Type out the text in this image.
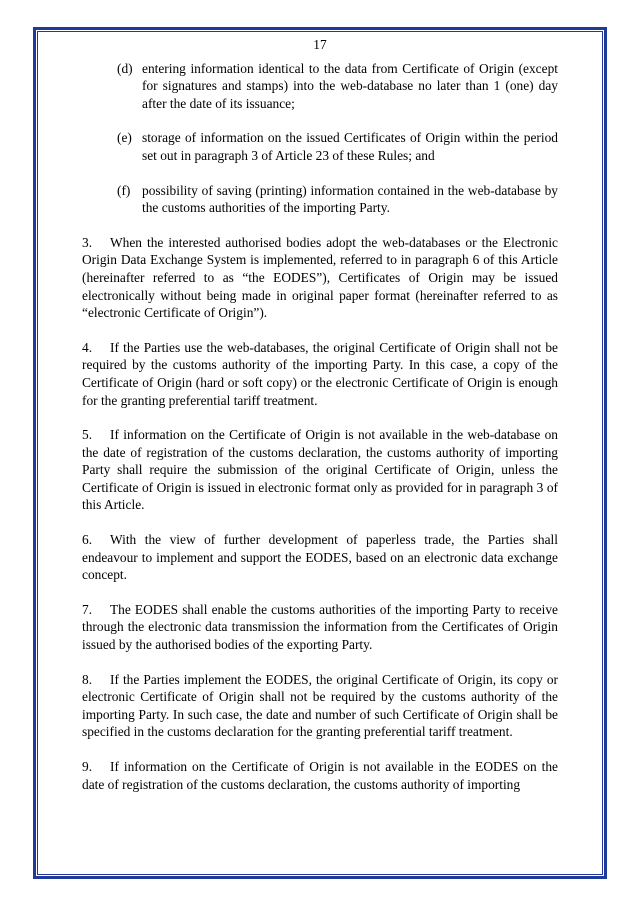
17
(d) entering information identical to the data from Certificate of Origin (except for signatures and stamps) into the web-database no later than 1 (one) day after the date of its issuance;
(e) storage of information on the issued Certificates of Origin within the period set out in paragraph 3 of Article 23 of these Rules; and
(f) possibility of saving (printing) information contained in the web-database by the customs authorities of the importing Party.
3. When the interested authorised bodies adopt the web-databases or the Electronic Origin Data Exchange System is implemented, referred to in paragraph 6 of this Article (hereinafter referred to as “the EODES”), Certificates of Origin may be issued electronically without being made in original paper format (hereinafter referred to as “electronic Certificate of Origin”).
4. If the Parties use the web-databases, the original Certificate of Origin shall not be required by the customs authority of the importing Party. In this case, a copy of the Certificate of Origin (hard or soft copy) or the electronic Certificate of Origin is enough for the granting preferential tariff treatment.
5. If information on the Certificate of Origin is not available in the web-database on the date of registration of the customs declaration, the customs authority of importing Party shall require the submission of the original Certificate of Origin, unless the Certificate of Origin is issued in electronic format only as provided for in paragraph 3 of this Article.
6. With the view of further development of paperless trade, the Parties shall endeavour to implement and support the EODES, based on an electronic data exchange concept.
7. The EODES shall enable the customs authorities of the importing Party to receive through the electronic data transmission the information from the Certificates of Origin issued by the authorised bodies of the exporting Party.
8. If the Parties implement the EODES, the original Certificate of Origin, its copy or electronic Certificate of Origin shall not be required by the customs authority of the importing Party. In such case, the date and number of such Certificate of Origin shall be specified in the customs declaration for the granting preferential tariff treatment.
9. If information on the Certificate of Origin is not available in the EODES on the date of registration of the customs declaration, the customs authority of importing
